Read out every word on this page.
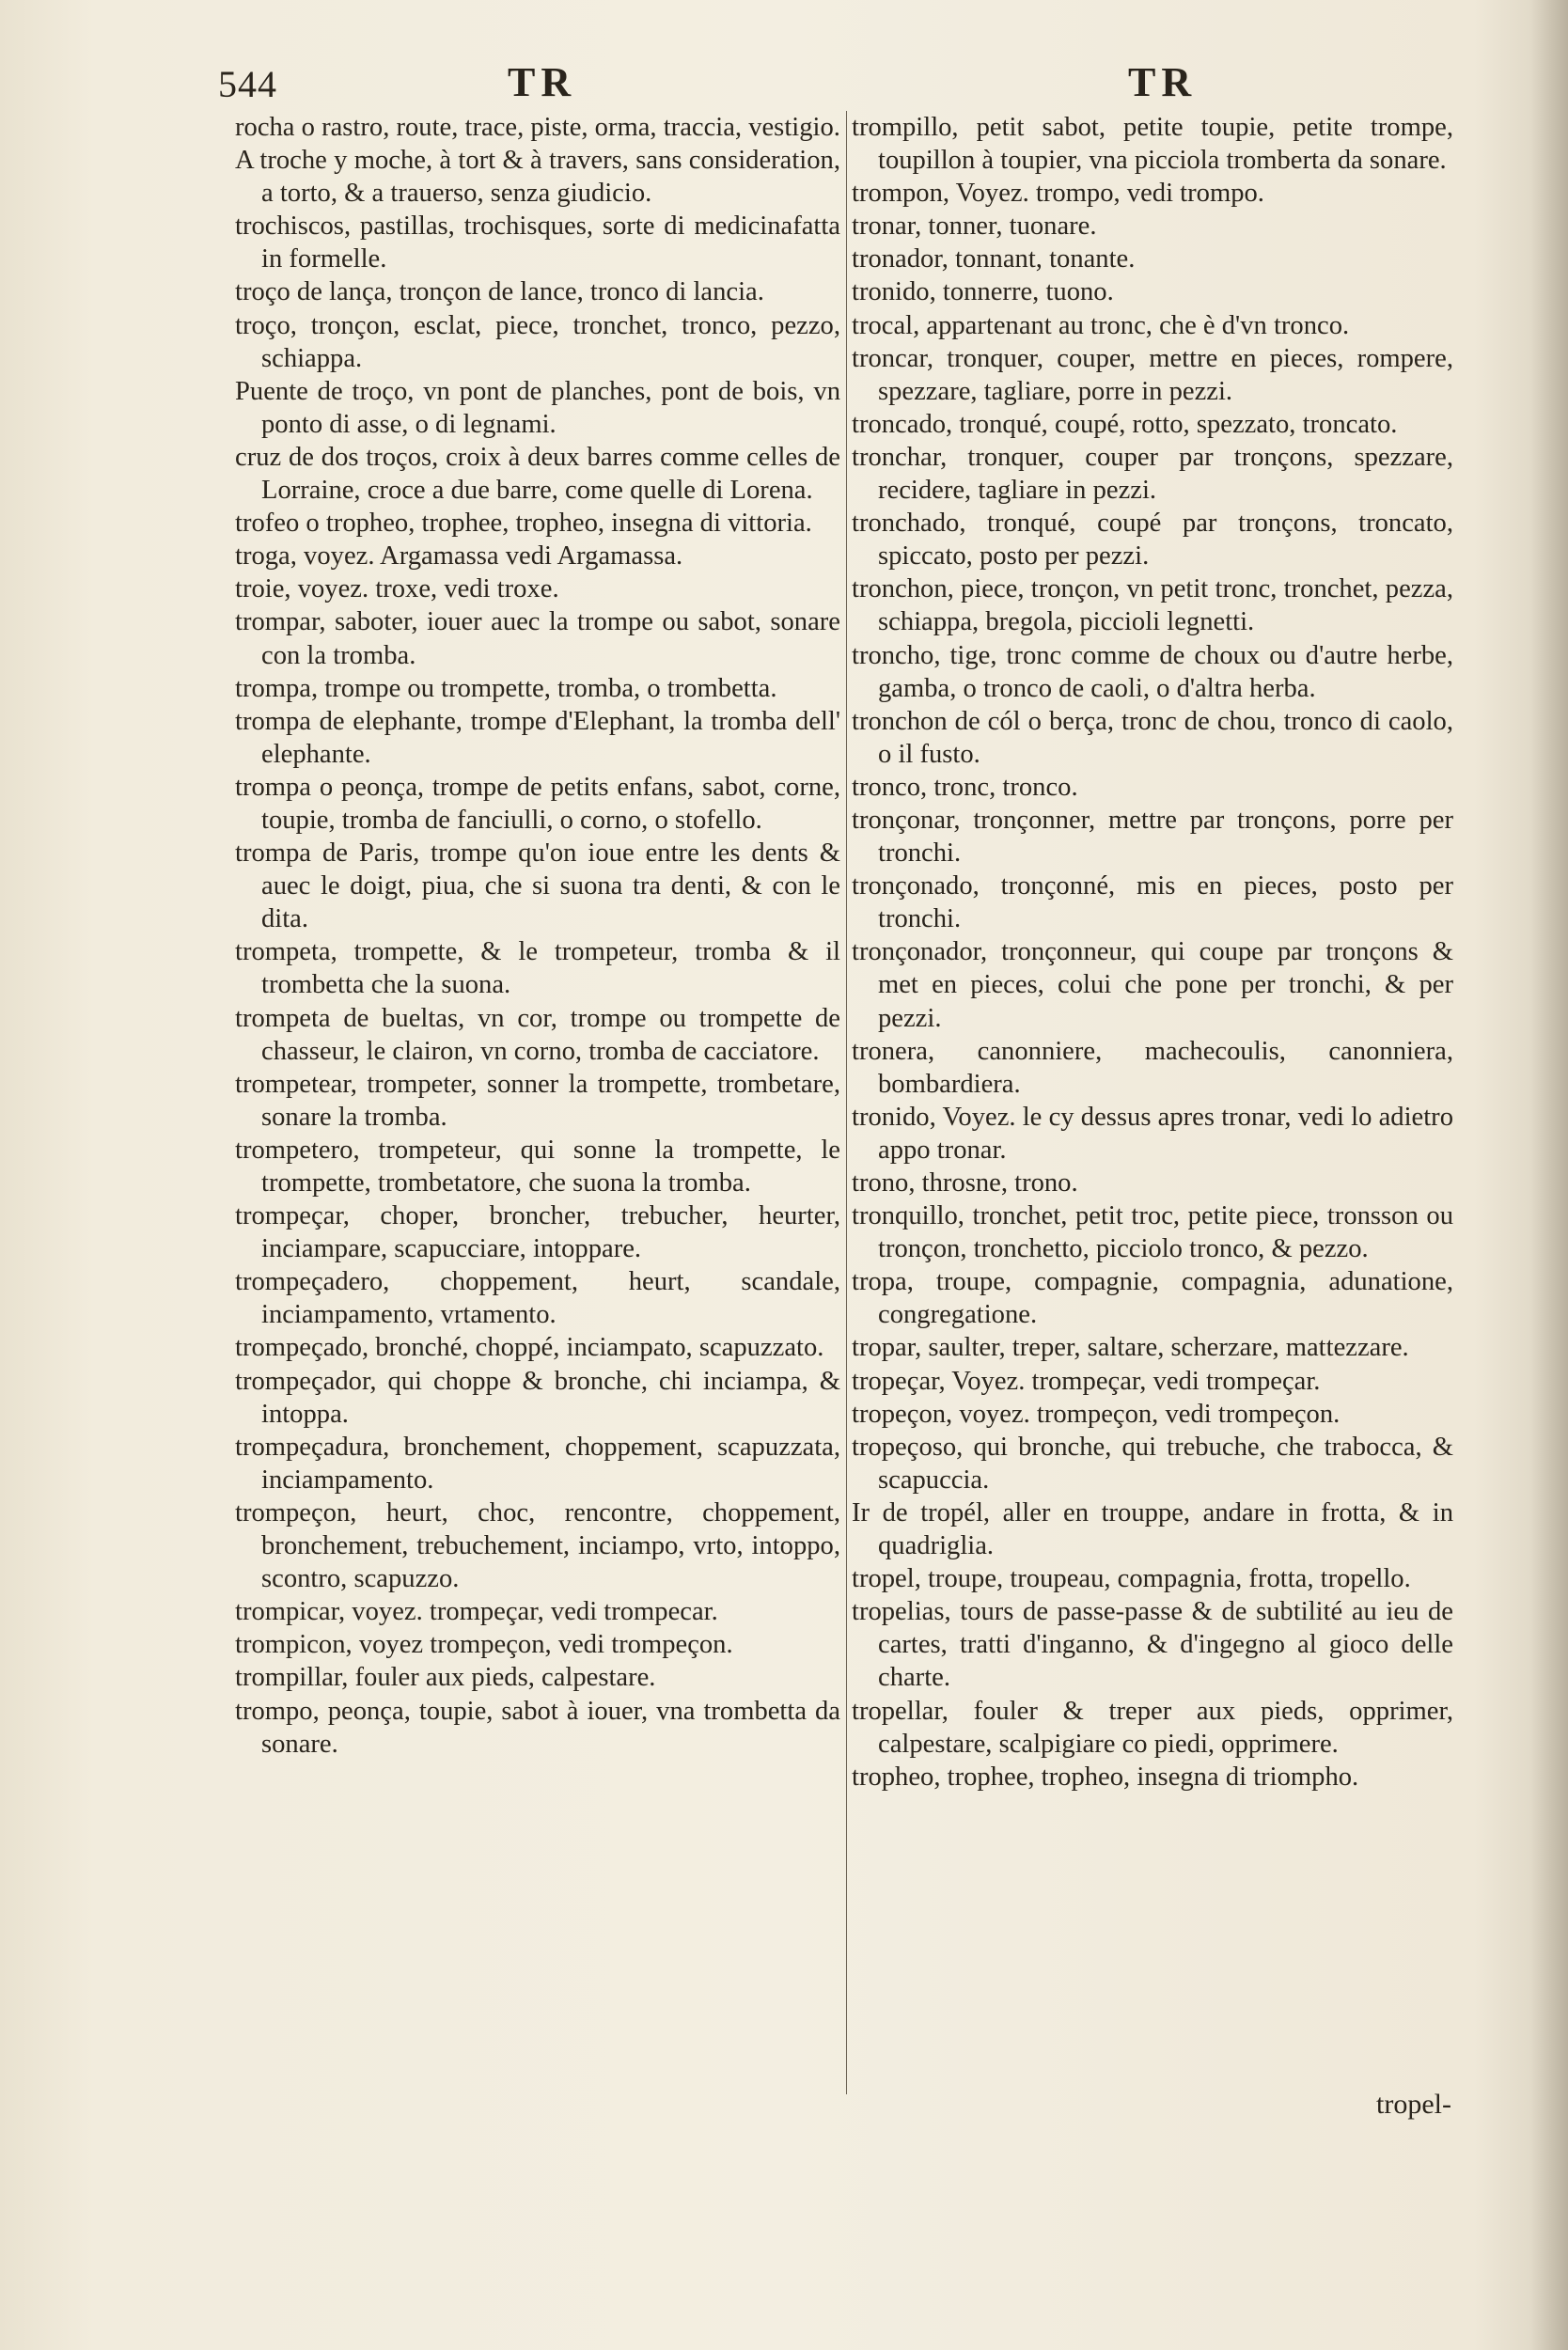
544	TR	TR

rocha o rastro, route, trace, piste, orma, traccia, vestigio.

A troche y moche, à tort & à travers, sans consideration, a torto, & a trauerso, senza giudicio.

trochiscos, pastillas, trochisques, sorte di medicinafatta in formelle.

troço de lança, tronçon de lance, tronco di lancia.

troço, tronçon, esclat, piece, tronchet, tronco, pezzo, schiappa.

Puente de troço, vn pont de planches, pont de bois, vn ponto di asse, o di legnami.

cruz de dos troços, croix à deux barres comme celles de Lorraine, croce a due barre, come quelle di Lorena.

trofeo o tropheo, trophee, tropheo, insegna di vittoria.

troga, voyez. Argamassa vedi Argamassa.

troie, voyez. troxe, vedi troxe.

trompar, saboter, iouer auec la trompe ou sabot, sonare con la tromba.

trompa, trompe ou trompette, tromba, o trombetta.

trompa de elephante, trompe d'Elephant, la tromba dell' elephante.

trompa o peonça, trompe de petits enfans, sabot, corne, toupie, tromba de fanciulli, o corno, o stofello.

trompa de Paris, trompe qu'on ioue entre les dents & auec le doigt, piua, che si suona tra denti, & con le dita.

trompeta, trompette, & le trompeteur, tromba & il trombetta che la suona.

trompeta de bueltas, vn cor, trompe ou trompette de chasseur, le clairon, vn corno, tromba de cacciatore.

trompetear, trompeter, sonner la trompette, trombetare, sonare la tromba.

trompetero, trompeteur, qui sonne la trompette, le trompette, trombetatore, che suona la tromba.

trompeçar, choper, broncher, trebucher, heurter, inciampare, scapucciare, intoppare.

trompeçadero, choppement, heurt, scandale, inciampamento, vrtamento.

trompeçado, bronché, choppé, inciampato, scapuzzato.

trompeçador, qui choppe & bronche, chi inciampa, & intoppa.

trompeçadura, bronchement, choppement, scapuzzata, inciampamento.

trompeçon, heurt, choc, rencontre, choppement, bronchement, trebuchement, inciampo, vrto, intoppo, scontro, scapuzzo.

trompicar, voyez. trompeçar, vedi trompecar.

trompicon, voyez trompeçon, vedi trompeçon.

trompillar, fouler aux pieds, calpestare.

trompo, peonça, toupie, sabot à iouer, vna trombetta da sonare.

trompillo, petit sabot, petite toupie, petite trompe, toupillon à toupier, vna picciola tromberta da sonare.

trompon, Voyez. trompo, vedi trompo.

tronar, tonner, tuonare.

tronador, tonnant, tonante.

tronido, tonnerre, tuono.

trocal, appartenant au tronc, che è d'vn tronco.

troncar, tronquer, couper, mettre en pieces, rompere, spezzare, tagliare, porre in pezzi.

troncado, tronqué, coupé, rotto, spezzato, troncato.

tronchar, tronquer, couper par tronçons, spezzare, recidere, tagliare in pezzi.

tronchado, tronqué, coupé par tronçons, troncato, spiccato, posto per pezzi.

tronchon, piece, tronçon, vn petit tronc, tronchet, pezza, schiappa, bregola, piccioli legnetti.

troncho, tige, tronc comme de choux ou d'autre herbe, gamba, o tronco de caoli, o d'altra herba.

tronchon de cól o berça, tronc de chou, tronco di caolo, o il fusto.

tronco, tronc, tronco.

tronçonar, tronçonner, mettre par tronçons, porre per tronchi.

tronçonado, tronçonné, mis en pieces, posto per tronchi.

tronçonador, tronçonneur, qui coupe par tronçons & met en pieces, colui che pone per tronchi, & per pezzi.

tronera, canonniere, machecoulis, canonniera, bombardiera.

tronido, Voyez. le cy dessus apres tronar, vedi lo adietro appo tronar.

trono, throsne, trono.

tronquillo, tronchet, petit troc, petite piece, tronsson ou tronçon, tronchetto, picciolo tronco, & pezzo.

tropa, troupe, compagnie, compagnia, adunatione, congregatione.

tropar, saulter, treper, saltare, scherzare, mattezzare.

tropeçar, Voyez. trompeçar, vedi trompeçar.

tropeçon, voyez. trompeçon, vedi trompeçon.

tropeçoso, qui bronche, qui trebuche, che trabocca, & scapuccia.

Ir de tropél, aller en trouppe, andare in frotta, & in quadriglia.

tropel, troupe, troupeau, compagnia, frotta, tropello.

tropelias, tours de passe-passe & de subtilité au ieu de cartes, tratti d'inganno, & d'ingegno al gioco delle charte.

tropellar, fouler & treper aux pieds, opprimer, calpestare, scalpigiare co piedi, opprimere.

tropheo, trophee, tropheo, insegna di triompho.

tropel-
